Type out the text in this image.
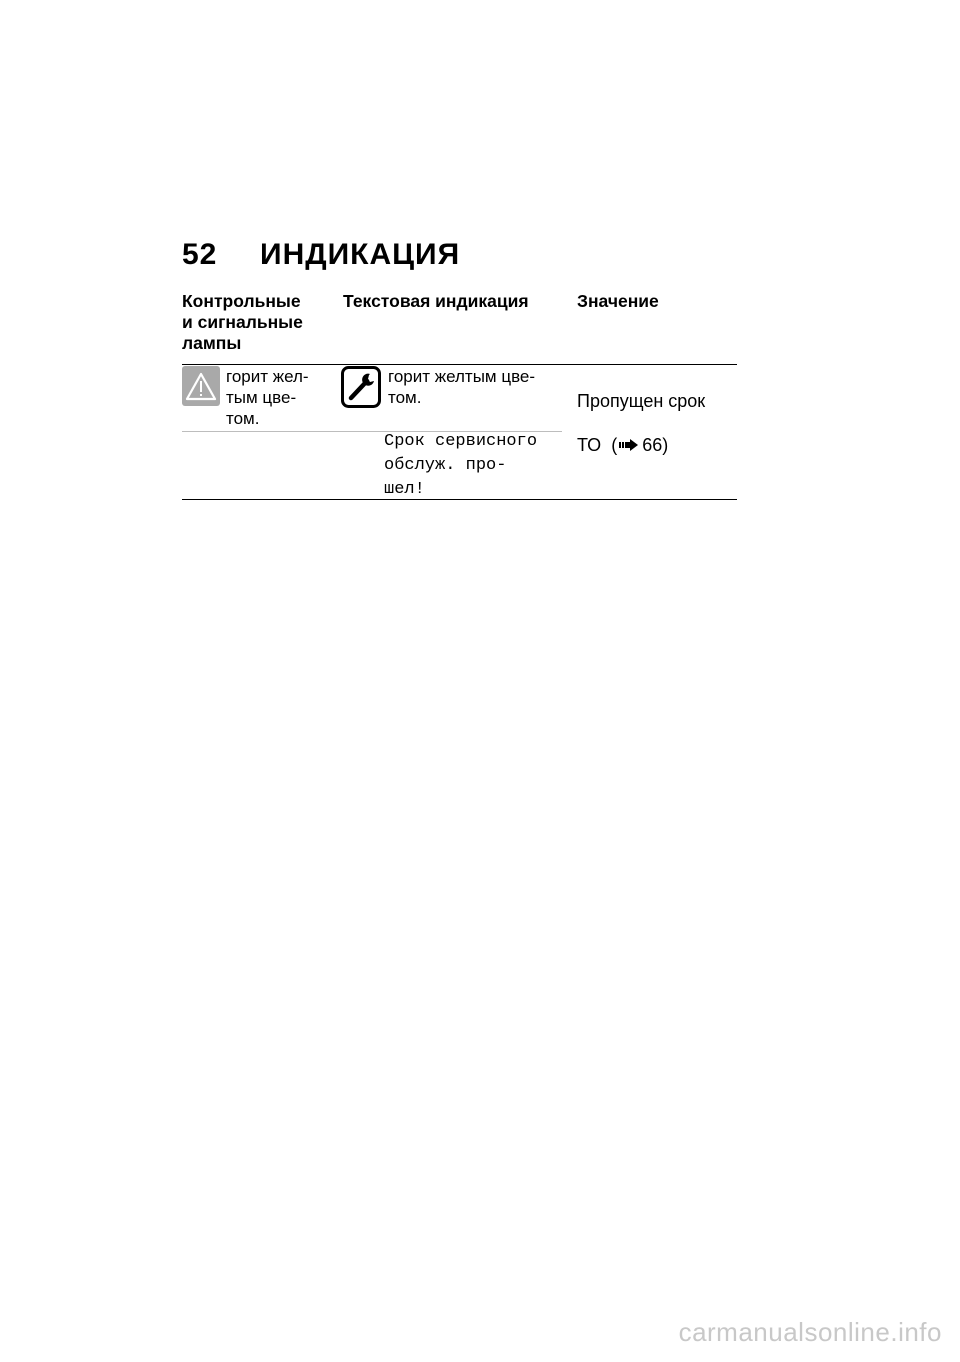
52 ИНДИКАЦИЯ
Контрольные
и сигнальные
лампы
Текстовая индикация	Значение
горит жел-
тым цве-
том.
горит желтым цве-
том.
Срок сервисного
обслуж. про-
шел!

Пропущен срок

ТО  ( 66)

carmanualsonline.info
